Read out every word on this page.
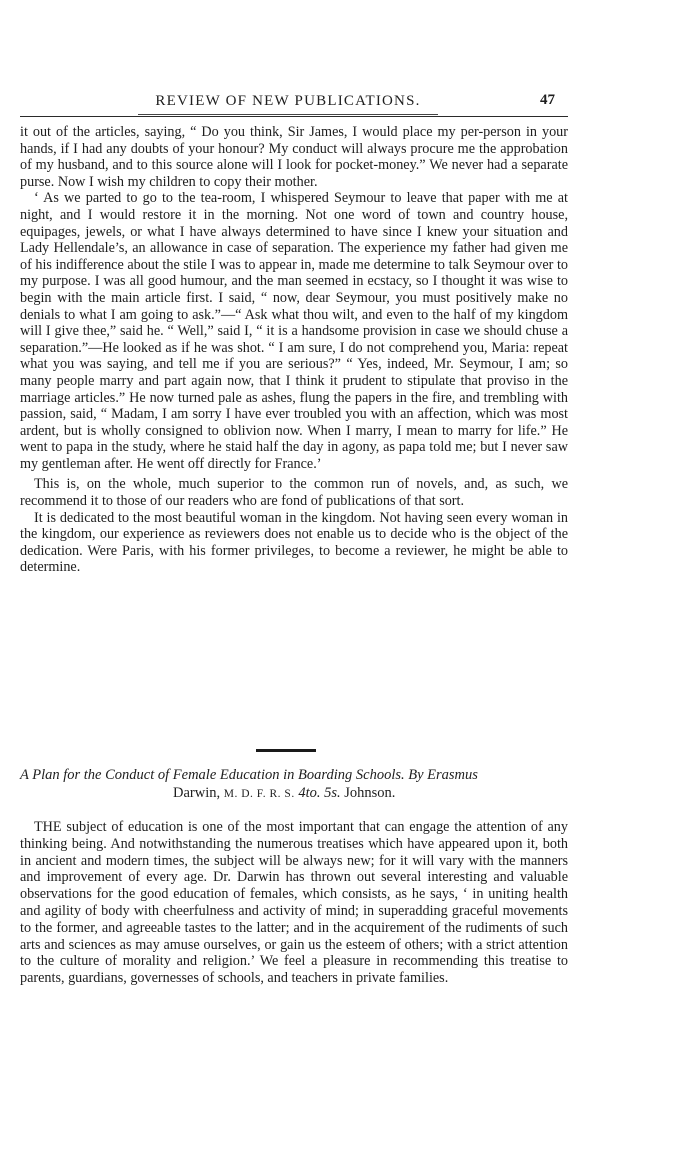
REVIEW OF NEW PUBLICATIONS.	47

it out of the articles, saying, “ Do you think, Sir James, I would place my per-person in your hands, if I had any doubts of your honour? My conduct will always procure me the approbation of my husband, and to this source alone will I look for pocket-money.” We never had a separate purse. Now I wish my children to copy their mother.

‘ As we parted to go to the tea-room, I whispered Seymour to leave that paper with me at night, and I would restore it in the morning. Not one word of town and country house, equipages, jewels, or what I have always determined to have since I knew your situation and Lady Hellendale’s, an allowance in case of separation. The experience my father had given me of his indifference about the stile I was to appear in, made me determine to talk Seymour over to my purpose. I was all good humour, and the man seemed in ecstacy, so I thought it was wise to begin with the main article first. I said, “ now, dear Seymour, you must positively make no denials to what I am going to ask.”—“ Ask what thou wilt, and even to the half of my kingdom will I give thee,” said he. “ Well,” said I, “ it is a handsome provision in case we should chuse a separation.”—He looked as if he was shot. “ I am sure, I do not comprehend you, Maria: repeat what you was saying, and tell me if you are serious?” “ Yes, indeed, Mr. Seymour, I am; so many people marry and part again now, that I think it prudent to stipulate that proviso in the marriage articles.” He now turned pale as ashes, flung the papers in the fire, and trembling with passion, said, “ Madam, I am sorry I have ever troubled you with an affection, which was most ardent, but is wholly consigned to oblivion now. When I marry, I mean to marry for life.” He went to papa in the study, where he staid half the day in agony, as papa told me; but I never saw my gentleman after. He went off directly for France.’

This is, on the whole, much superior to the common run of novels, and, as such, we recommend it to those of our readers who are fond of publications of that sort.

It is dedicated to the most beautiful woman in the kingdom. Not having seen every woman in the kingdom, our experience as reviewers does not enable us to decide who is the object of the dedication. Were Paris, with his former privileges, to become a reviewer, he might be able to determine.

A Plan for the Conduct of Female Education in Boarding Schools. By Erasmus
Darwin, M. D. F. R. S. 4to. 5s. Johnson.

THE subject of education is one of the most important that can engage the attention of any thinking being. And notwithstanding the numerous treatises which have appeared upon it, both in ancient and modern times, the subject will be always new; for it will vary with the manners and improvement of every age. Dr. Darwin has thrown out several interesting and valuable observations for the good education of females, which consists, as he says, ‘ in uniting health and agility of body with cheerfulness and activity of mind; in superadding graceful movements to the former, and agreeable tastes to the latter; and in the acquirement of the rudiments of such arts and sciences as may amuse ourselves, or gain us the esteem of others; with a strict attention to the culture of morality and religion.’ We feel a pleasure in recommending this treatise to parents, guardians, governesses of schools, and teachers in private families.
